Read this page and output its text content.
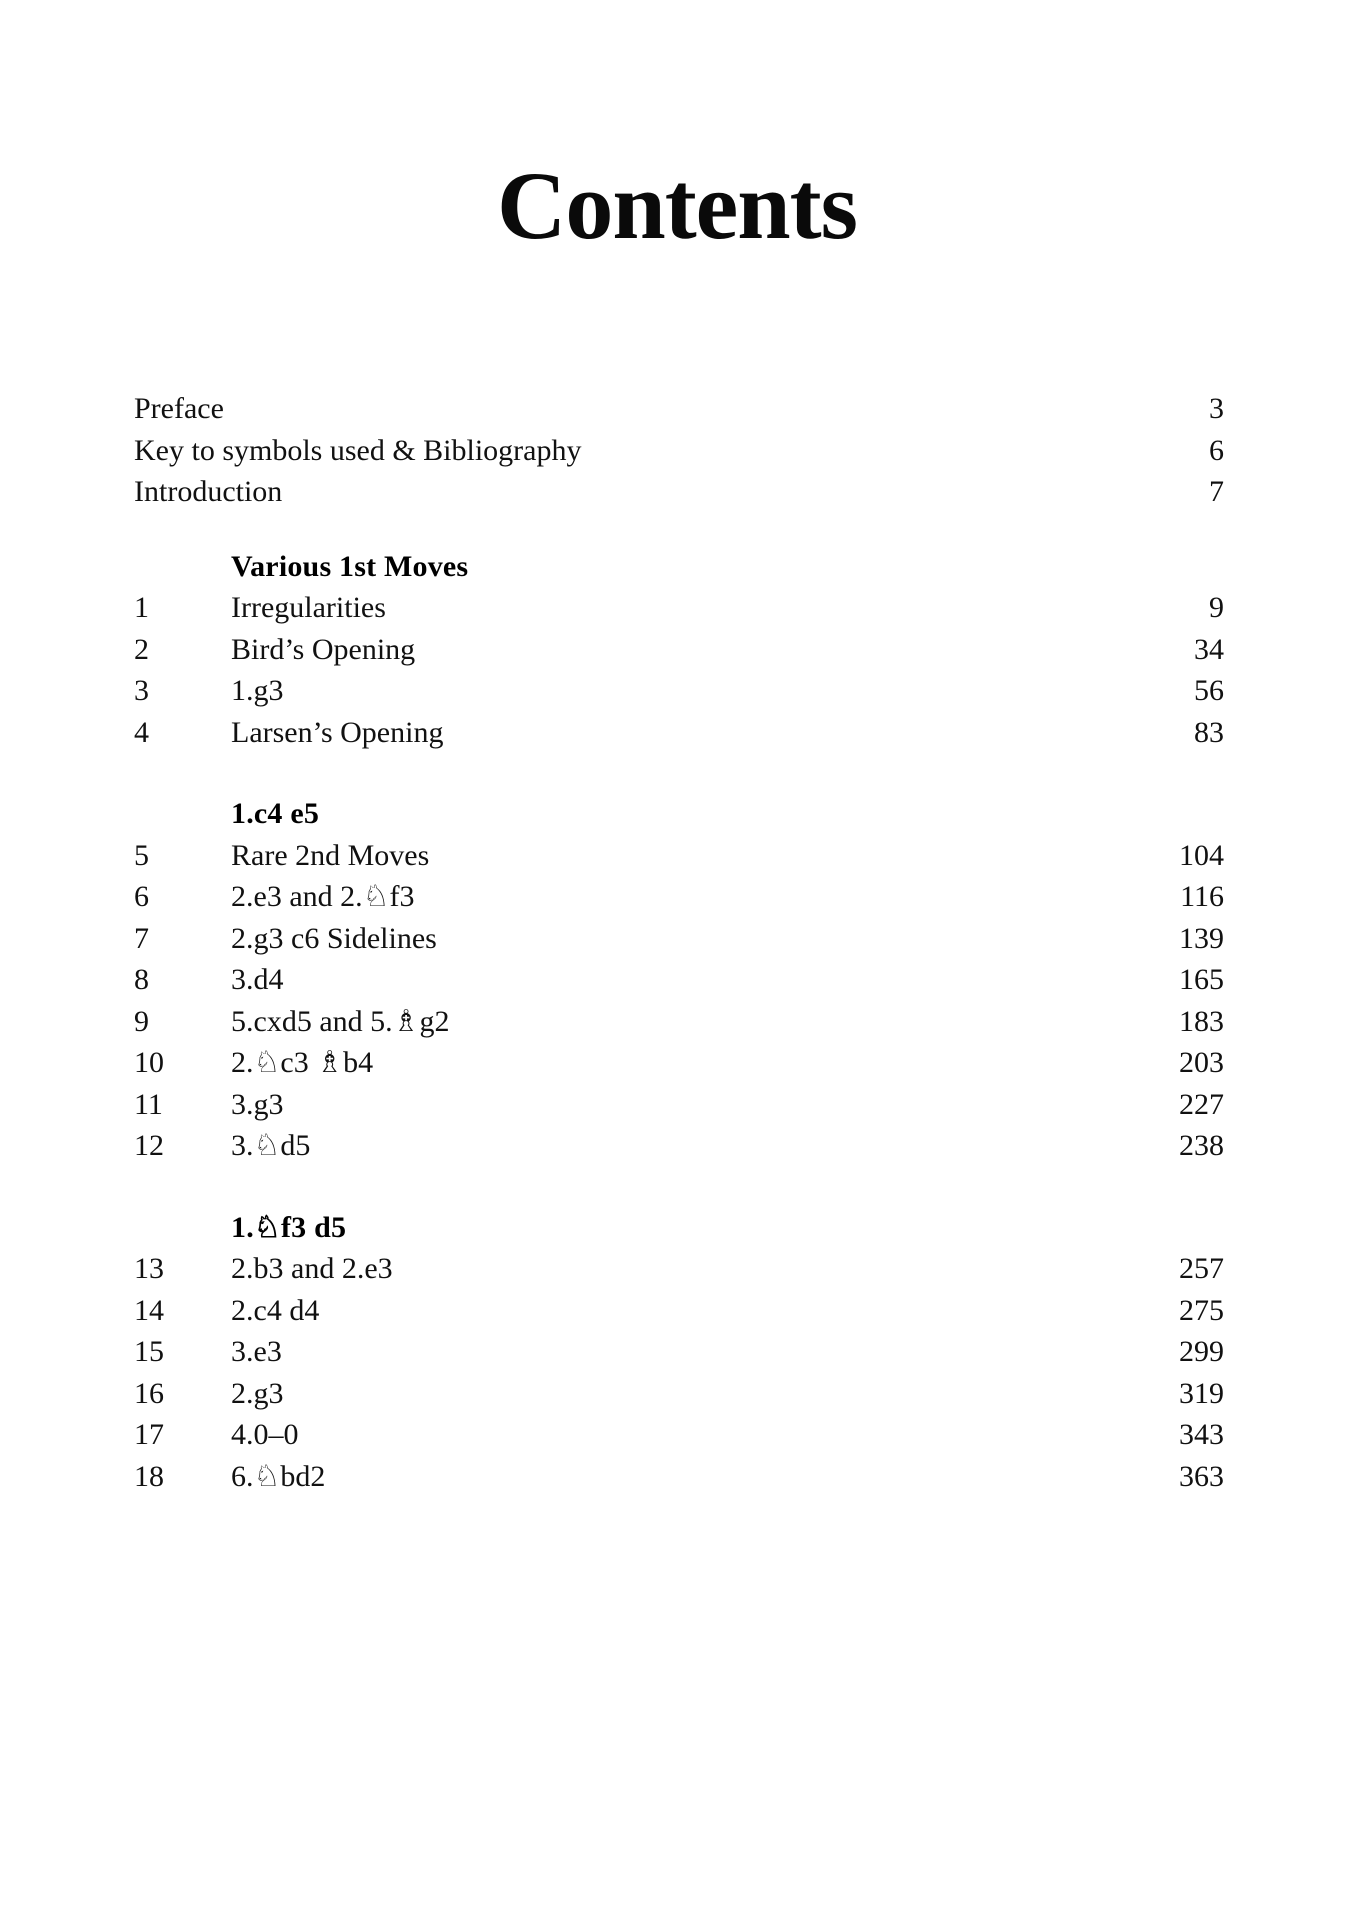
Contents
Preface	3
Key to symbols used & Bibliography	6
Introduction	7
Various 1st Moves
1	Irregularities	9
2	Bird’s Opening	34
3	1.g3	56
4	Larsen’s Opening	83
1.c4 e5
5	Rare 2nd Moves	104
6	2.e3 and 2.♘f3	116
7	2.g3 c6 Sidelines	139
8	3.d4	165
9	5.cxd5 and 5.♗g2	183
10	2.♘c3 ♗b4	203
11	3.g3	227
12	3.♘d5	238
1.♘f3 d5
13	2.b3 and 2.e3	257
14	2.c4 d4	275
15	3.e3	299
16	2.g3	319
17	4.0–0	343
18	6.♘bd2	363
